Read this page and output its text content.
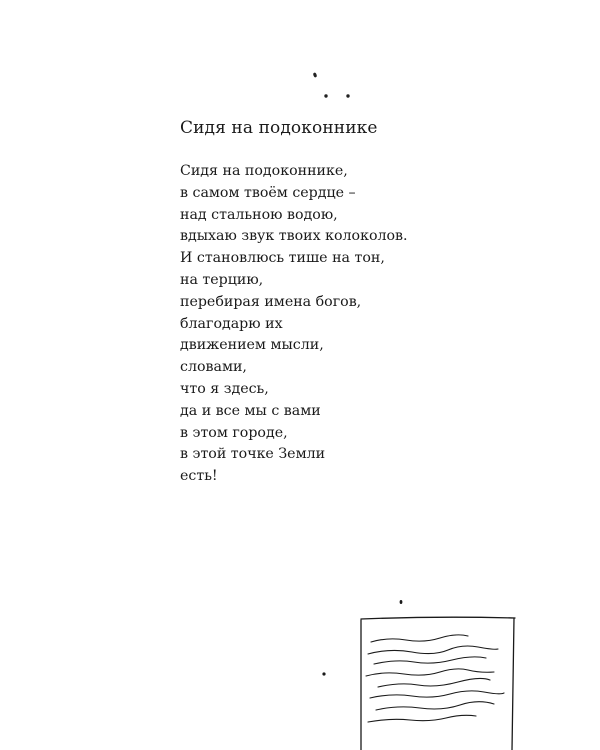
Сидя на подоконнике
Сидя на подоконнике,
в самом твоём сердце –
над стальною водою,
вдыхаю звук твоих колоколов.
И становлюсь тише на тон,
на терцию,
перебирая имена богов,
благодарю их
движением мысли,
словами,
что я здесь,
да и все мы с вами
в этом городе,
в этой точке Земли
есть!
